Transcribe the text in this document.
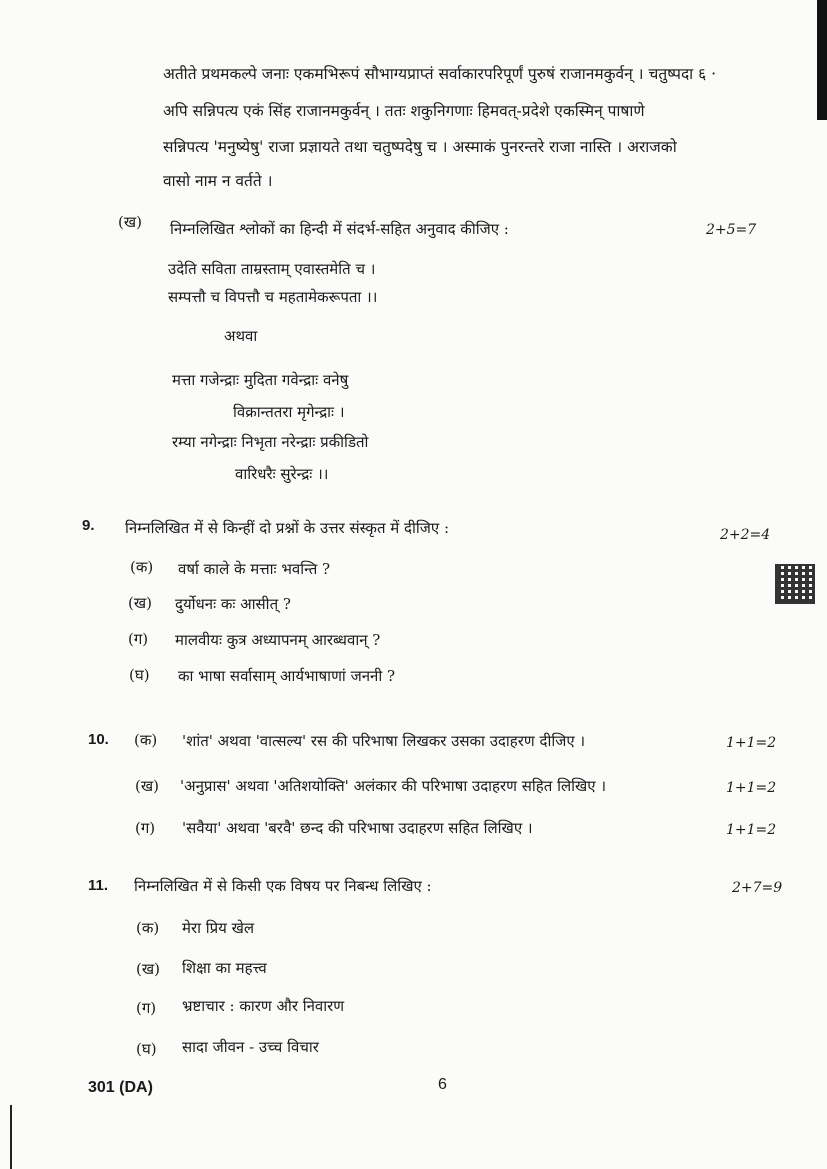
अतीते प्रथमकल्पे जनाः एकमभिरूपं सौभाग्यप्राप्तं सर्वाकारपरिपूर्णं पुरुषं राजानमकुर्वन् । चतुष्पदा ६ ·
अपि सन्निपत्य एकं सिंह राजानमकुर्वन् । ततः शकुनिगणाः हिमवत्-प्रदेशे एकस्मिन् पाषाणे
सन्निपत्य 'मनुष्येषु' राजा प्रज्ञायते तथा चतुष्पदेषु च । अस्माकं पुनरन्तरे राजा नास्ति । अराजको
वासो नाम न वर्तते ।
(ख) निम्नलिखित श्लोकों का हिन्दी में संदर्भ-सहित अनुवाद कीजिए :	2+5=7
उदेति सविता ताम्रस्ताम् एवास्तमेति च ।
सम्पत्तौ च विपत्तौ च महतामेकरूपता ।।
अथवा
मत्ता गजेन्द्राः मुदिता गवेन्द्राः वनेषु
विक्रान्ततरा मृगेन्द्राः ।
रम्या नगेन्द्राः निभृता नरेन्द्राः प्रकीडितो
वारिधरैः सुरेन्द्रः ।।
9. निम्नलिखित में से किन्हीं दो प्रश्नों के उत्तर संस्कृत में दीजिए :	2+2=4
(क) वर्षा काले के मत्ताः भवन्ति ?
(ख) दुर्योधनः कः आसीत् ?
(ग) मालवीयः कुत्र अध्यापनम् आरब्धवान् ?
(घ) का भाषा सर्वासाम् आर्यभाषाणां जननी ?
10. (क) 'शांत' अथवा 'वात्सल्य' रस की परिभाषा लिखकर उसका उदाहरण दीजिए ।	1+1=2
(ख) 'अनुप्रास' अथवा 'अतिशयोक्ति' अलंकार की परिभाषा उदाहरण सहित लिखिए ।	1+1=2
(ग) 'सवैया' अथवा 'बरवै' छन्द की परिभाषा उदाहरण सहित लिखिए ।	1+1=2
11. निम्नलिखित में से किसी एक विषय पर निबन्ध लिखिए :	2+7=9
(क) मेरा प्रिय खेल
(ख) शिक्षा का महत्त्व
(ग) भ्रष्टाचार : कारण और निवारण
(घ) सादा जीवन - उच्च विचार
301 (DA)	6
